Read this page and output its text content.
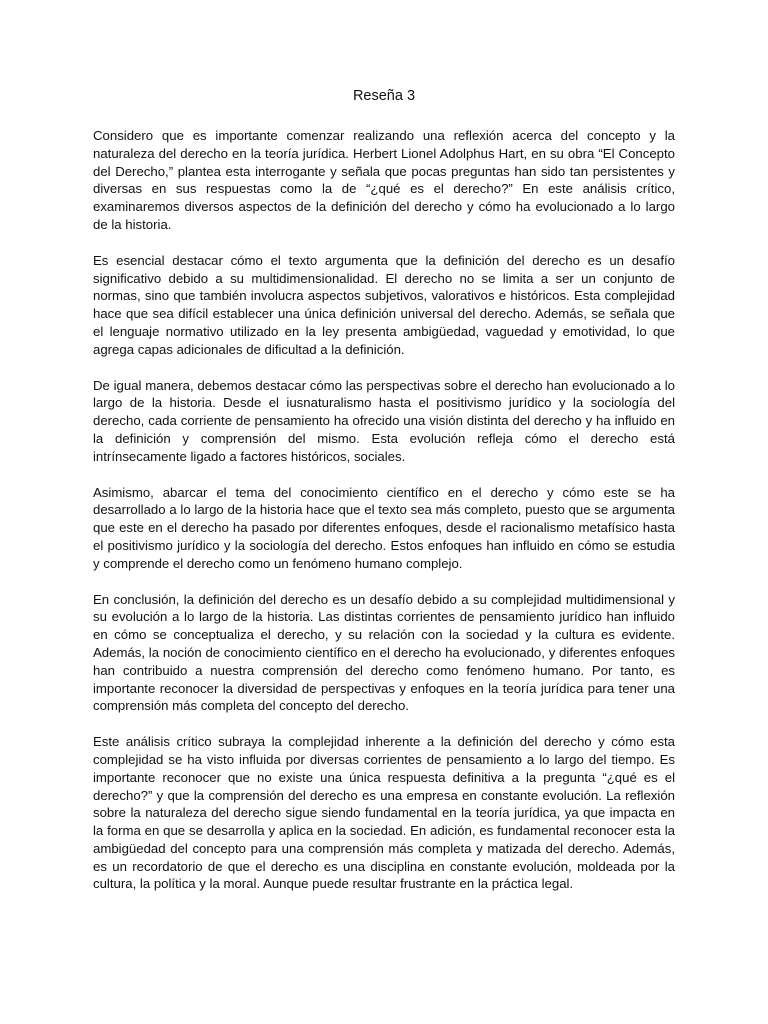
Reseña 3

Considero que es importante comenzar realizando una reflexión acerca del concepto y la naturaleza del derecho en la teoría jurídica. Herbert Lionel Adolphus Hart, en su obra “El Concepto del Derecho,” plantea esta interrogante y señala que pocas preguntas han sido tan persistentes y diversas en sus respuestas como la de “¿qué es el derecho?” En este análisis crítico, examinaremos diversos aspectos de la definición del derecho y cómo ha evolucionado a lo largo de la historia.

Es esencial destacar cómo el texto argumenta que la definición del derecho es un desafío significativo debido a su multidimensionalidad. El derecho no se limita a ser un conjunto de normas, sino que también involucra aspectos subjetivos, valorativos e históricos. Esta complejidad hace que sea difícil establecer una única definición universal del derecho. Además, se señala que el lenguaje normativo utilizado en la ley presenta ambigüedad, vaguedad y emotividad, lo que agrega capas adicionales de dificultad a la definición.

De igual manera, debemos destacar cómo las perspectivas sobre el derecho han evolucionado a lo largo de la historia. Desde el iusnaturalismo hasta el positivismo jurídico y la sociología del derecho, cada corriente de pensamiento ha ofrecido una visión distinta del derecho y ha influido en la definición y comprensión del mismo. Esta evolución refleja cómo el derecho está intrínsecamente ligado a factores históricos, sociales.

Asimismo, abarcar el tema del conocimiento científico en el derecho y cómo este se ha desarrollado a lo largo de la historia hace que el texto sea más completo, puesto que se argumenta que este en el derecho ha pasado por diferentes enfoques, desde el racionalismo metafísico hasta el positivismo jurídico y la sociología del derecho. Estos enfoques han influido en cómo se estudia y comprende el derecho como un fenómeno humano complejo.

En conclusión, la definición del derecho es un desafío debido a su complejidad multidimensional y su evolución a lo largo de la historia. Las distintas corrientes de pensamiento jurídico han influido en cómo se conceptualiza el derecho, y su relación con la sociedad y la cultura es evidente. Además, la noción de conocimiento científico en el derecho ha evolucionado, y diferentes enfoques han contribuido a nuestra comprensión del derecho como fenómeno humano. Por tanto, es importante reconocer la diversidad de perspectivas y enfoques en la teoría jurídica para tener una comprensión más completa del concepto del derecho.

Este análisis crítico subraya la complejidad inherente a la definición del derecho y cómo esta complejidad se ha visto influida por diversas corrientes de pensamiento a lo largo del tiempo. Es importante reconocer que no existe una única respuesta definitiva a la pregunta “¿qué es el derecho?” y que la comprensión del derecho es una empresa en constante evolución. La reflexión sobre la naturaleza del derecho sigue siendo fundamental en la teoría jurídica, ya que impacta en la forma en que se desarrolla y aplica en la sociedad. En adición, es fundamental reconocer esta la ambigüedad del concepto para una comprensión más completa y matizada del derecho. Además, es un recordatorio de que el derecho es una disciplina en constante evolución, moldeada por la cultura, la política y la moral. Aunque puede resultar frustrante en la práctica legal.
